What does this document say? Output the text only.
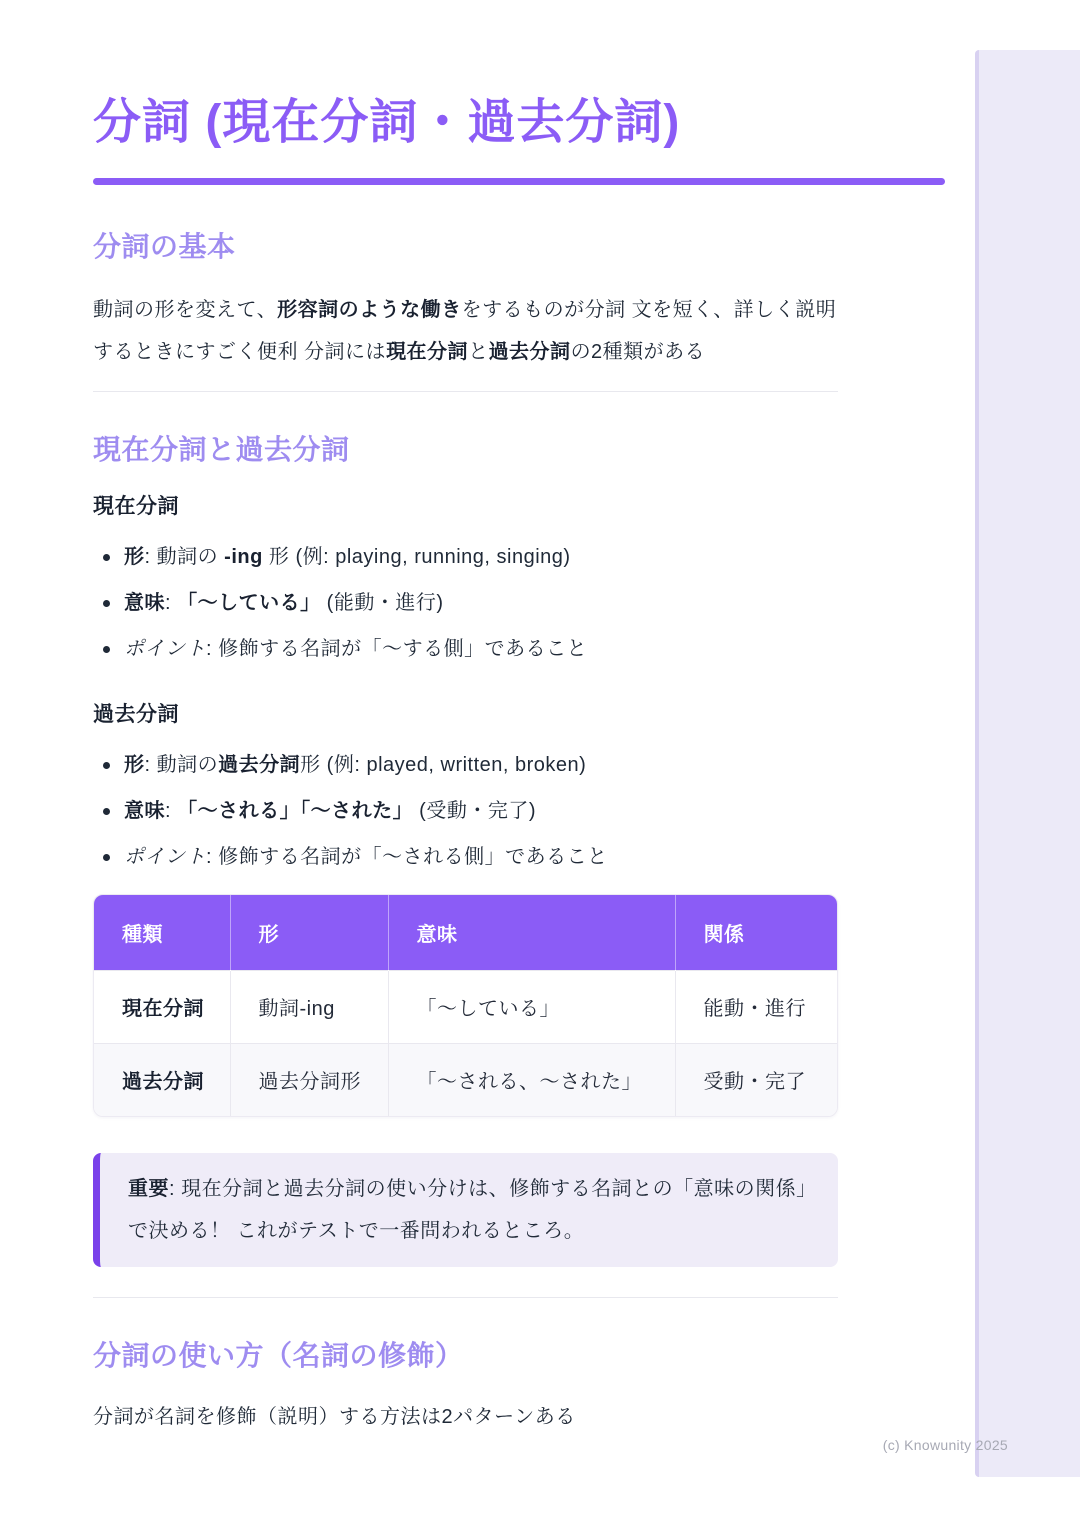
分詞 (現在分詞・過去分詞)
分詞の基本

動詞の形を変えて、形容詞のような働きをするものが分詞 文を短く、詳しく説明するときにすごく便利 分詞には現在分詞と過去分詞の2種類がある

現在分詞と過去分詞
現在分詞
形: 動詞の -ing 形 (例: playing, running, singing)
意味: 「〜している」 (能動・進行)
ポイント: 修飾する名詞が「〜する側」であること
過去分詞
形: 動詞の過去分詞形 (例: played, written, broken)
意味: 「〜される」「〜された」 (受動・完了)
ポイント: 修飾する名詞が「〜される側」であること
種類	形	意味	関係
現在分詞	動詞-ing	「〜している」	能動・進行
過去分詞	過去分詞形	「〜される、〜された」	受動・完了
重要: 現在分詞と過去分詞の使い分けは、修飾する名詞との「意味の関係」で決める！ これがテストで一番問われるところ。
分詞の使い方（名詞の修飾）

分詞が名詞を修飾（説明）する方法は2パターンある

(c) Knowunity 2025
